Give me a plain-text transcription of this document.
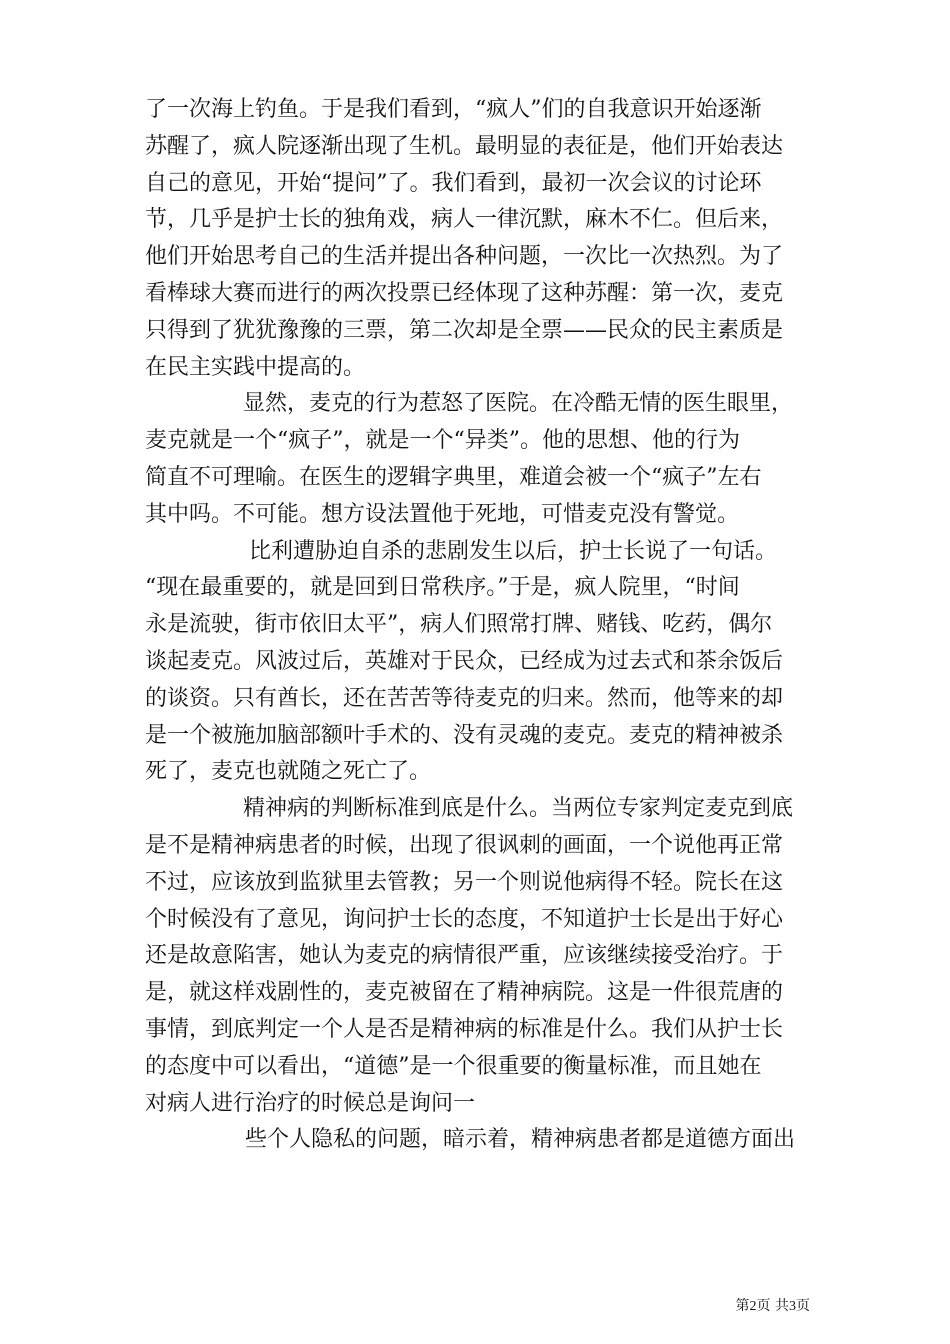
了一次海上钓鱼。于是我们看到，“疯人”们的自我意识开始逐渐
苏醒了，疯人院逐渐出现了生机。最明显的表征是，他们开始表达
自己的意见，开始“提问”了。我们看到，最初一次会议的讨论环
节，几乎是护士长的独角戏，病人一律沉默，麻木不仁。但后来，
他们开始思考自己的生活并提出各种问题，一次比一次热烈。为了
看棒球大赛而进行的两次投票已经体现了这种苏醒：第一次，麦克
只得到了犹犹豫豫的三票，第二次却是全票——民众的民主素质是
在民主实践中提高的。
显然，麦克的行为惹怒了医院。在冷酷无情的医生眼里，
麦克就是一个“疯子”，就是一个“异类”。他的思想、他的行为
简直不可理喻。在医生的逻辑字典里，难道会被一个“疯子”左右
其中吗。不可能。想方设法置他于死地，可惜麦克没有警觉。
比利遭胁迫自杀的悲剧发生以后，护士长说了一句话。
“现在最重要的，就是回到日常秩序。”于是，疯人院里，“时间
永是流驶，街市依旧太平”，病人们照常打牌、赌钱、吃药，偶尔
谈起麦克。风波过后，英雄对于民众，已经成为过去式和茶余饭后
的谈资。只有酋长，还在苦苦等待麦克的归来。然而，他等来的却
是一个被施加脑部额叶手术的、没有灵魂的麦克。麦克的精神被杀
死了，麦克也就随之死亡了。
精神病的判断标准到底是什么。当两位专家判定麦克到底
是不是精神病患者的时候，出现了很讽刺的画面，一个说他再正常
不过，应该放到监狱里去管教；另一个则说他病得不轻。院长在这
个时候没有了意见，询问护士长的态度，不知道护士长是出于好心
还是故意陷害，她认为麦克的病情很严重，应该继续接受治疗。于
是，就这样戏剧性的，麦克被留在了精神病院。这是一件很荒唐的
事情，到底判定一个人是否是精神病的标准是什么。我们从护士长
的态度中可以看出，“道德”是一个很重要的衡量标准，而且她在
对病人进行治疗的时候总是询问一
些个人隐私的问题，暗示着，精神病患者都是道德方面出
第2页 共3页
